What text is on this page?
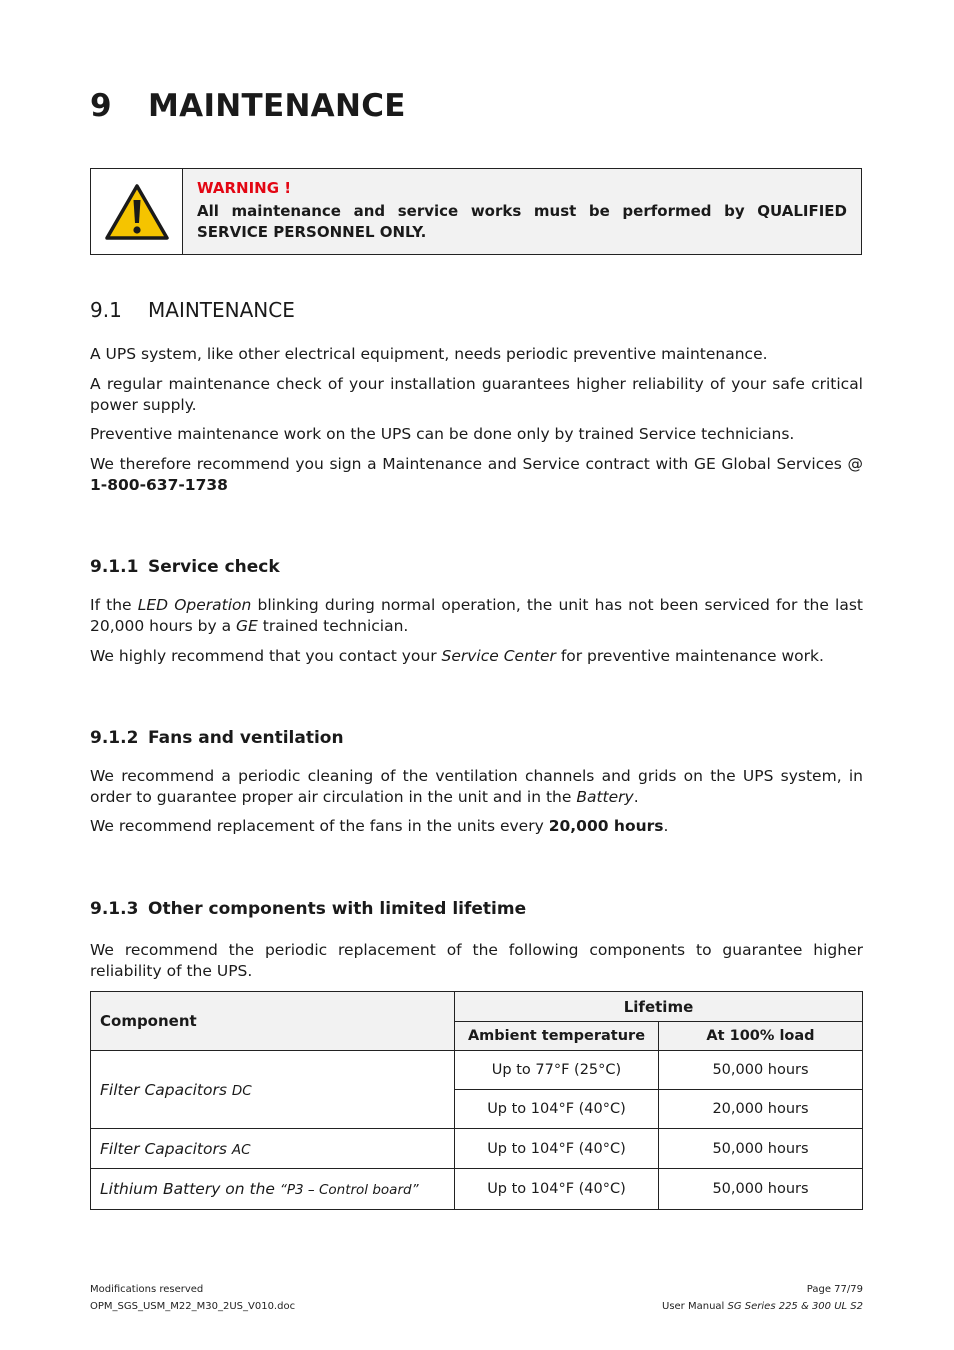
9 MAINTENANCE
WARNING !
All maintenance and service works must be performed by QUALIFIED SERVICE PERSONNEL ONLY.
9.1 MAINTENANCE
A UPS system, like other electrical equipment, needs periodic preventive maintenance.
A regular maintenance check of your installation guarantees higher reliability of your safe critical power supply.
Preventive maintenance work on the UPS can be done only by trained Service technicians.
We therefore recommend you sign a Maintenance and Service contract with GE Global Services @ 1-800-637-1738
9.1.1 Service check
If the LED Operation blinking during normal operation, the unit has not been serviced for the last 20,000 hours by a GE trained technician.
We highly recommend that you contact your Service Center for preventive maintenance work.
9.1.2 Fans and ventilation
We recommend a periodic cleaning of the ventilation channels and grids on the UPS system, in order to guarantee proper air circulation in the unit and in the Battery.
We recommend replacement of the fans in the units every 20,000 hours.
9.1.3 Other components with limited lifetime
We recommend the periodic replacement of the following components to guarantee higher reliability of the UPS.
Component	Lifetime	
	Ambient temperature	At 100% load
Filter Capacitors DC	Up to 77°F (25°C)	50,000 hours
	Up to 104°F (40°C)	20,000 hours
Filter Capacitors AC	Up to 104°F (40°C)	50,000 hours
Lithium Battery on the “P3 – Control board”	Up to 104°F (40°C)	50,000 hours
Modifications reserved
OPM_SGS_USM_M22_M30_2US_V010.doc
Page 77/79
User Manual SG Series 225 & 300 UL S2
